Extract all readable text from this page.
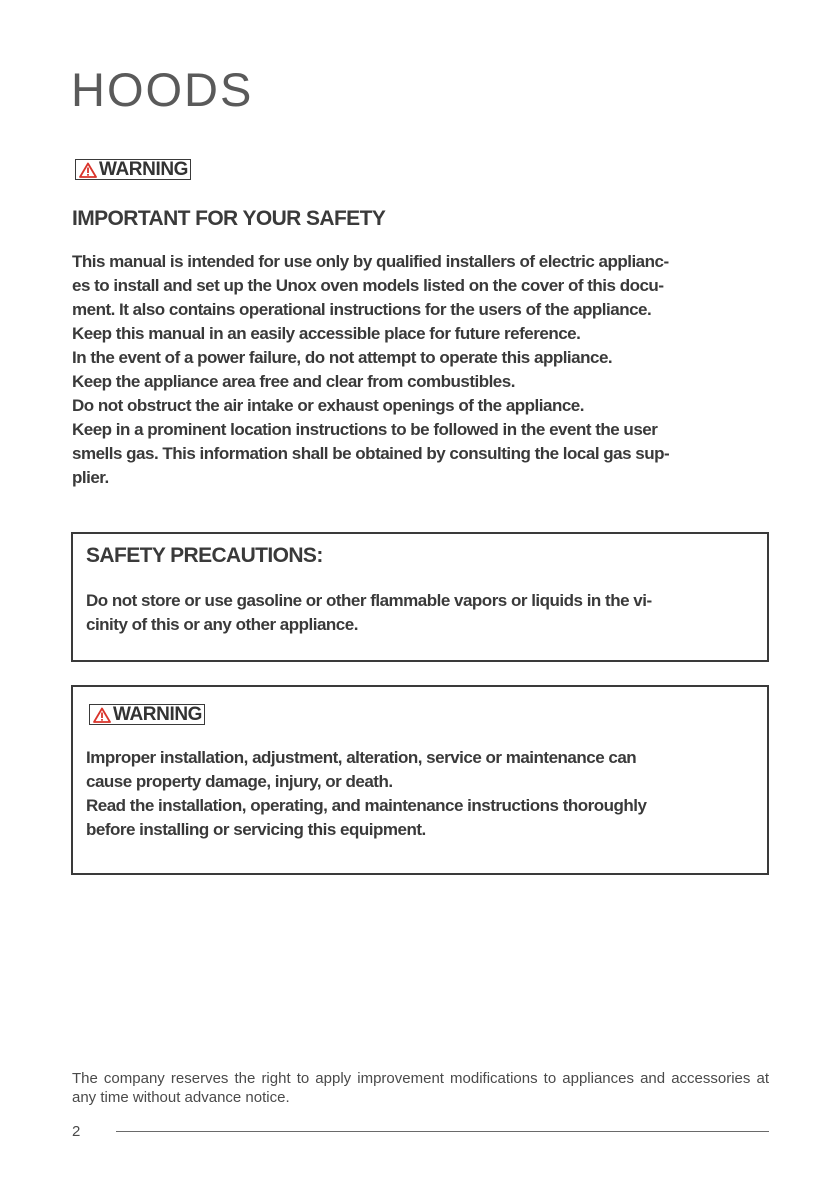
HOODS
WARNING
IMPORTANT FOR YOUR SAFETY

This manual is intended for use only by qualified installers of electric applianc-
es to install and set up the Unox oven models listed on the cover of this docu-
ment. It also contains operational instructions for the users of the appliance.
Keep this manual in an easily accessible place for future reference.
In the event of a power failure, do not attempt to operate this appliance.
Keep the appliance area free and clear from combustibles.
Do not obstruct the air intake or exhaust openings of the appliance.
Keep in a prominent location instructions to be followed in the event the user
smells gas. This information shall be obtained by consulting the local gas sup-
plier.

SAFETY PRECAUTIONS:

Do not store or use gasoline or other flammable vapors or liquids in the vi-
cinity of this or any other appliance.

WARNING

Improper installation, adjustment, alteration, service or maintenance can
cause property damage, injury, or death.
Read the installation, operating, and maintenance instructions thoroughly
before installing or servicing this equipment.

The company reserves the right to apply improvement modifications to appliances and accessories at any time without advance notice.

2
